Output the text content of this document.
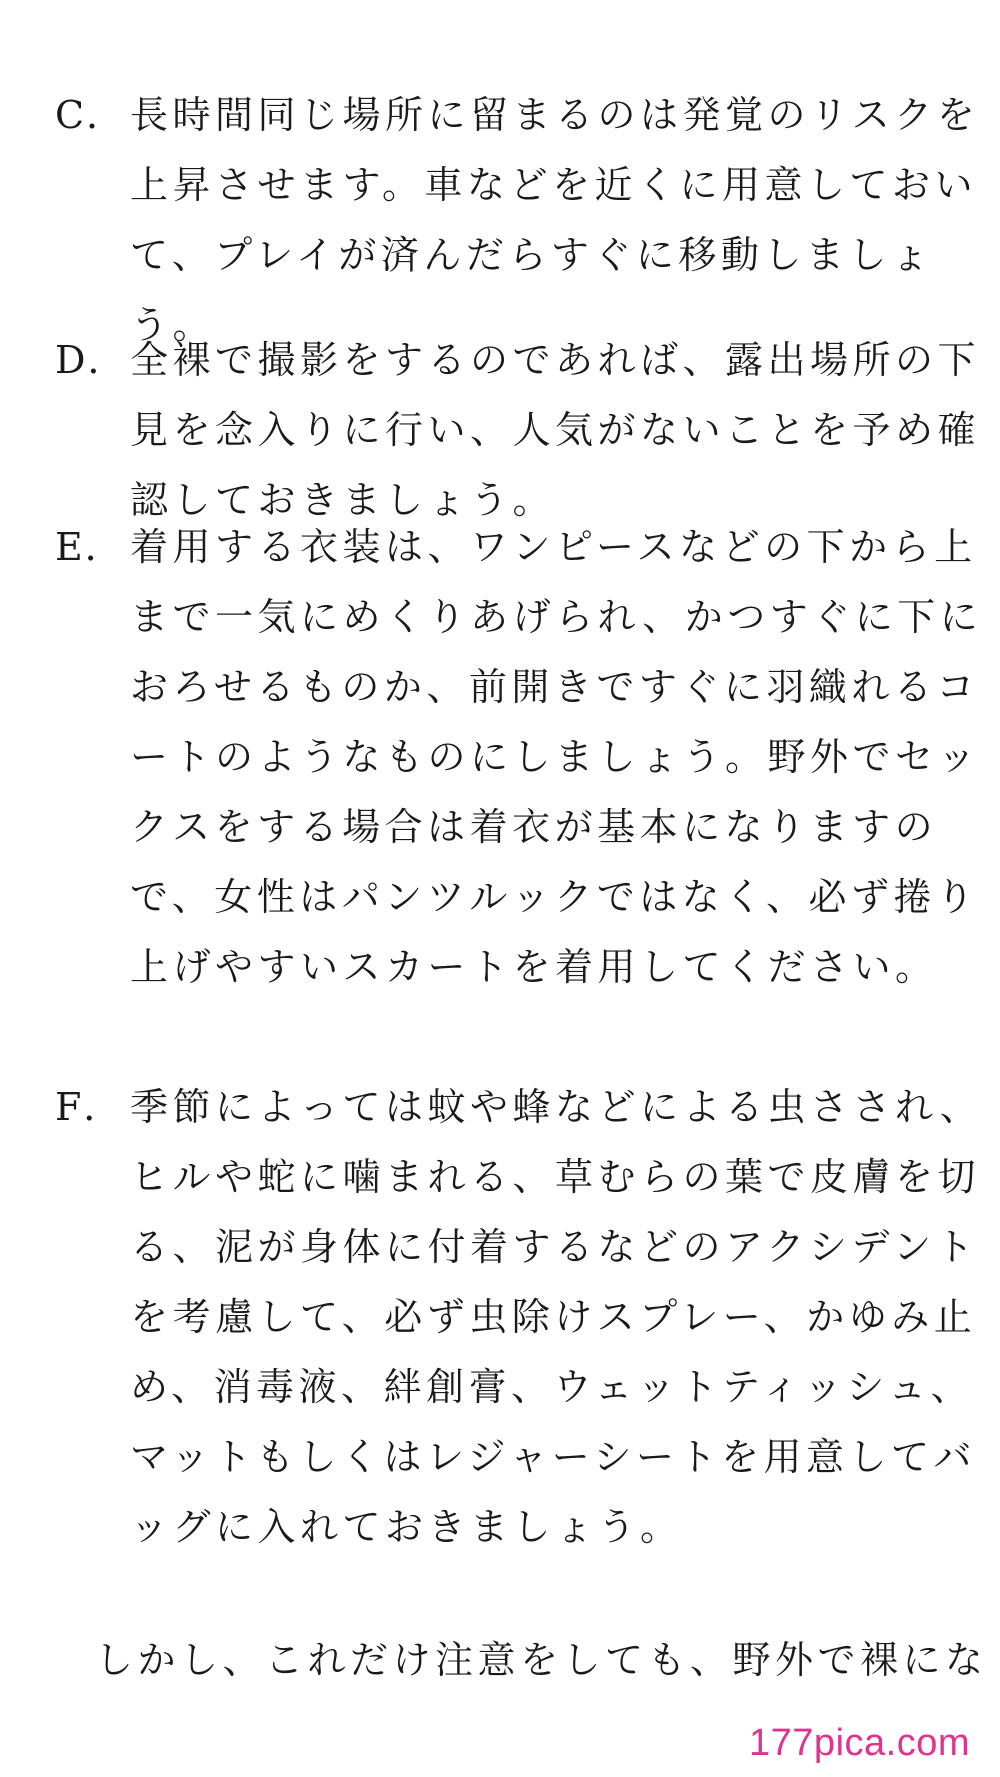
C． 長時間同じ場所に留まるのは発覚のリスクを
上昇させます。車などを近くに用意しておい
て、プレイが済んだらすぐに移動しましょ
う。
D． 全裸で撮影をするのであれば、露出場所の下
見を念入りに行い、人気がないことを予め確
認しておきましょう。
E． 着用する衣装は、ワンピースなどの下から上
まで一気にめくりあげられ、かつすぐに下に
おろせるものか、前開きですぐに羽織れるコ
ートのようなものにしましょう。野外でセッ
クスをする場合は着衣が基本になりますの
で、女性はパンツルックではなく、必ず捲り
上げやすいスカートを着用してください。
F． 季節によっては蚊や蜂などによる虫さされ、
ヒルや蛇に噛まれる、草むらの葉で皮膚を切
る、泥が身体に付着するなどのアクシデント
を考慮して、必ず虫除けスプレー、かゆみ止
め、消毒液、絆創膏、ウェットティッシュ、
マットもしくはレジャーシートを用意してバ
ッグに入れておきましょう。
しかし、これだけ注意をしても、野外で裸にな
177pica.com
